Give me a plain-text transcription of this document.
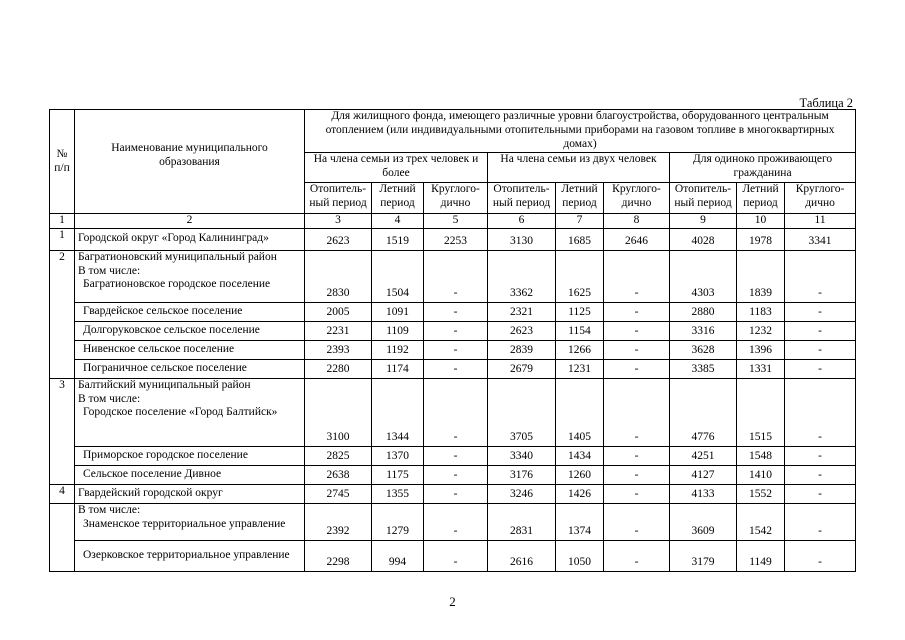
Таблица 2
№
п/п	Наименование муниципального образования	Для жилищного фонда, имеющего различные уровни благоустройства, оборудованного центральным отоплением (или индивидуальными отопительными приборами на газовом топливе в многоквартирных домах)								
		На члена семьи из трех человек и более			На члена семьи из двух человек			Для одиноко проживающего гражданина		
		Отопитель-ный период	Летний период	Круглого-дично	Отопитель-ный период	Летний период	Круглого-дично	Отопитель-ный период	Летний период	Круглого-дично
1	2	3	4	5	6	7	8	9	10	11
1	Городской округ «Город Калининград»	2623	1519	2253	3130	1685	2646	4028	1978	3341
2	Багратионовский муниципальный район
В том числе:
Багратионовское городское поселение	2830	1504	-	3362	1625	-	4303	1839	-

	Гвардейское сельское поселение	2005	1091	-	2321	1125	-	2880	1183	-

	Долгоруковское сельское поселение	2231	1109	-	2623	1154	-	3316	1232	-

	Нивенское сельское поселение	2393	1192	-	2839	1266	-	3628	1396	-

	Пограничное сельское поселение	2280	1174	-	2679	1231	-	3385	1331	-
3	Балтийский муниципальный район
В том числе:
Городское поселение «Город Балтийск»	3100	1344	-	3705	1405	-	4776	1515	-

	Приморское городское поселение	2825	1370	-	3340	1434	-	4251	1548	-

	Сельское поселение Дивное	2638	1175	-	3176	1260	-	4127	1410	-
4	Гвардейский городской округ	2745	1355	-	3246	1426	-	4133	1552	-

	В том числе:
Знаменское территориальное управление	2392	1279	-	2831	1374	-	3609	1542	-

	Озерковское территориальное управление	2298	994	-	2616	1050	-	3179	1149	-
2
